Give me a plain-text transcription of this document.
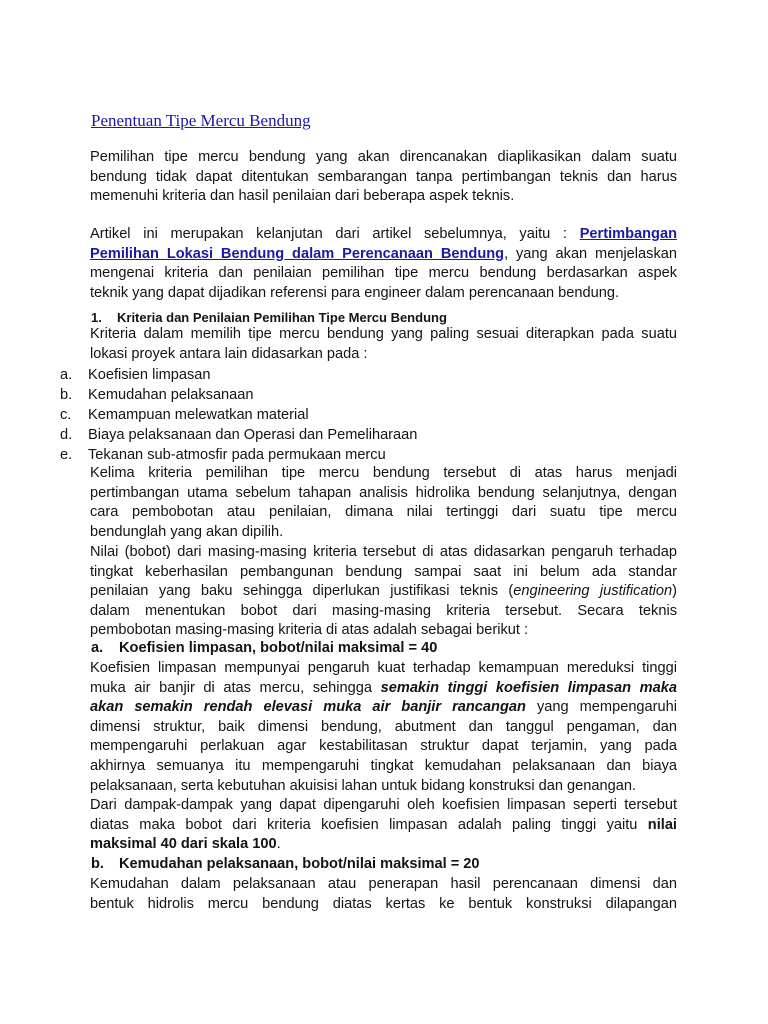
Penentuan Tipe Mercu Bendung
Pemilihan tipe mercu bendung yang akan direncanakan diaplikasikan dalam suatu
bendung tidak dapat ditentukan sembarangan tanpa pertimbangan teknis dan harus
memenuhi kriteria dan hasil penilaian dari beberapa aspek teknis.
Artikel ini merupakan kelanjutan dari artikel sebelumnya, yaitu : Pertimbangan
Pemilihan Lokasi Bendung dalam Perencanaan Bendung, yang akan menjelaskan
mengenai kriteria dan penilaian pemilihan tipe mercu bendung berdasarkan aspek
teknik yang dapat dijadikan referensi para engineer dalam perencanaan bendung.
1. Kriteria dan Penilaian Pemilihan Tipe Mercu Bendung
Kriteria dalam memilih tipe mercu bendung yang paling sesuai diterapkan pada suatu
lokasi proyek antara lain didasarkan pada :
a. Koefisien limpasan
b. Kemudahan pelaksanaan
c. Kemampuan melewatkan material
d. Biaya pelaksanaan dan Operasi dan Pemeliharaan
e. Tekanan sub-atmosfir pada permukaan mercu
Kelima kriteria pemilihan tipe mercu bendung tersebut di atas harus menjadi
pertimbangan utama sebelum tahapan analisis hidrolika bendung selanjutnya, dengan
cara pembobotan atau penilaian, dimana nilai tertinggi dari suatu tipe mercu
bendunglah yang akan dipilih.
Nilai (bobot) dari masing-masing kriteria tersebut di atas didasarkan pengaruh terhadap
tingkat keberhasilan pembangunan bendung sampai saat ini belum ada standar
penilaian yang baku sehingga diperlukan justifikasi teknis (engineering justification)
dalam menentukan bobot dari masing-masing kriteria tersebut. Secara teknis
pembobotan masing-masing kriteria di atas adalah sebagai berikut :
a. Koefisien limpasan, bobot/nilai maksimal = 40
Koefisien limpasan mempunyai pengaruh kuat terhadap kemampuan mereduksi tinggi
muka air banjir di atas mercu, sehingga semakin tinggi koefisien limpasan maka
akan semakin rendah elevasi muka air banjir rancangan yang mempengaruhi
dimensi struktur, baik dimensi bendung, abutment dan tanggul pengaman, dan
mempengaruhi perlakuan agar kestabilitasan struktur dapat terjamin, yang pada
akhirnya semuanya itu mempengaruhi tingkat kemudahan pelaksanaan dan biaya
pelaksanaan, serta kebutuhan akuisisi lahan untuk bidang konstruksi dan genangan.
Dari dampak-dampak yang dapat dipengaruhi oleh koefisien limpasan seperti tersebut
diatas maka bobot dari kriteria koefisien limpasan adalah paling tinggi yaitu nilai
maksimal 40 dari skala 100.
b. Kemudahan pelaksanaan, bobot/nilai maksimal = 20
Kemudahan dalam pelaksanaan atau penerapan hasil perencanaan dimensi dan
bentuk hidrolis mercu bendung diatas kertas ke bentuk konstruksi dilapangan
